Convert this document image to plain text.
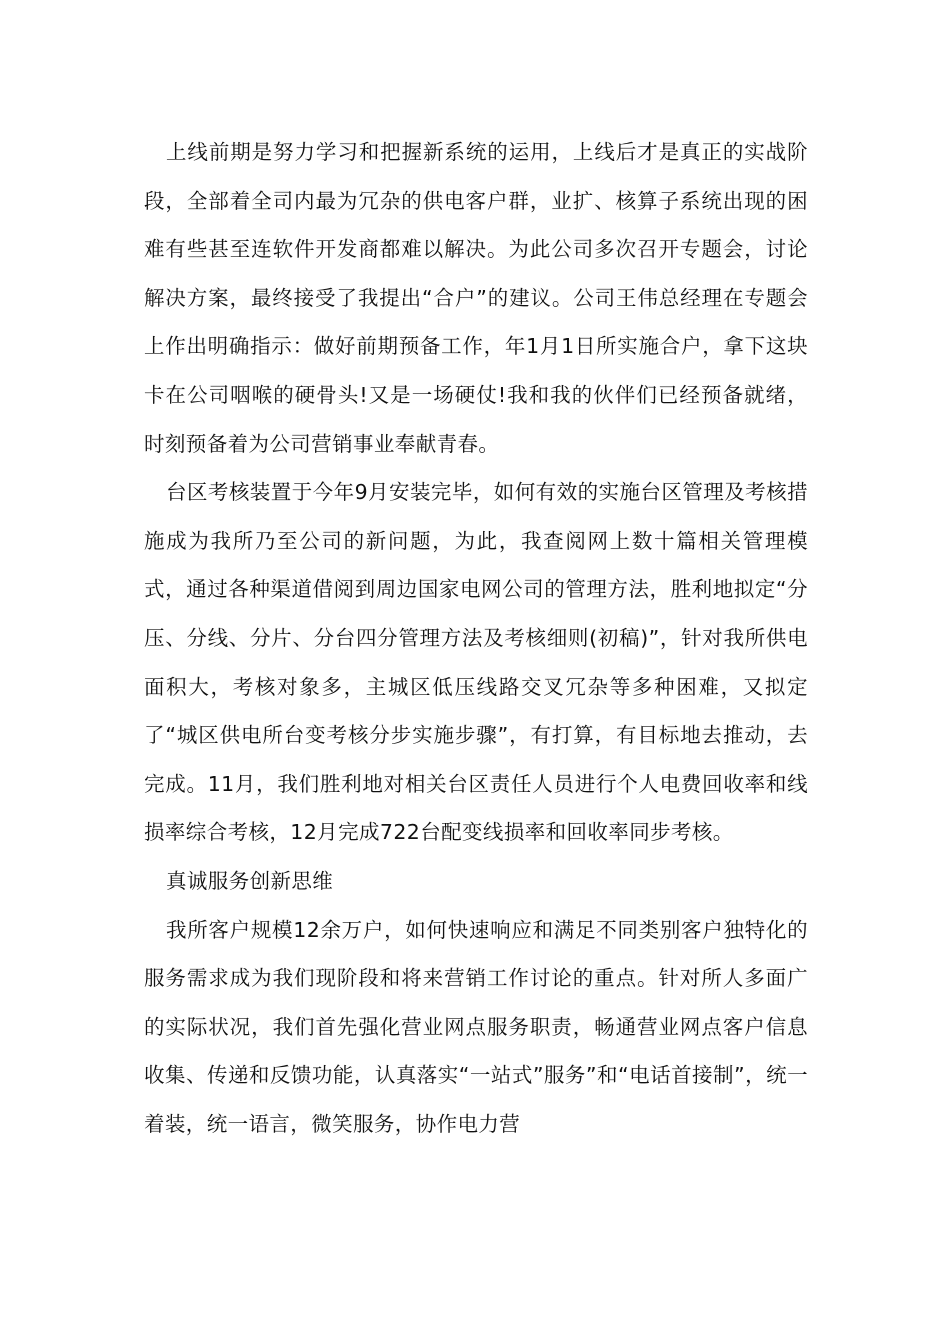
上线前期是努力学习和把握新系统的运用，上线后才是真正的实战阶段，全部着全司内最为冗杂的供电客户群，业扩、核算子系统出现的困难有些甚至连软件开发商都难以解决。为此公司多次召开专题会，讨论解决方案，最终接受了我提出“合户”的建议。公司王伟总经理在专题会上作出明确指示：做好前期预备工作，年1月1日所实施合户，拿下这块卡在公司咽喉的硬骨头!又是一场硬仗!我和我的伙伴们已经预备就绪，时刻预备着为公司营销事业奉献青春。

台区考核装置于今年9月安装完毕，如何有效的实施台区管理及考核措施成为我所乃至公司的新问题，为此，我查阅网上数十篇相关管理模式，通过各种渠道借阅到周边国家电网公司的管理方法，胜利地拟定“分压、分线、分片、分台四分管理方法及考核细则(初稿)”，针对我所供电面积大，考核对象多，主城区低压线路交叉冗杂等多种困难，又拟定了“城区供电所台变考核分步实施步骤”，有打算，有目标地去推动，去完成。11月，我们胜利地对相关台区责任人员进行个人电费回收率和线损率综合考核，12月完成722台配变线损率和回收率同步考核。

真诚服务创新思维

我所客户规模12余万户，如何快速响应和满足不同类别客户独特化的服务需求成为我们现阶段和将来营销工作讨论的重点。针对所人多面广的实际状况，我们首先强化营业网点服务职责，畅通营业网点客户信息收集、传递和反馈功能，认真落实“一站式”服务”和“电话首接制”，统一着装，统一语言，微笑服务，协作电力营
